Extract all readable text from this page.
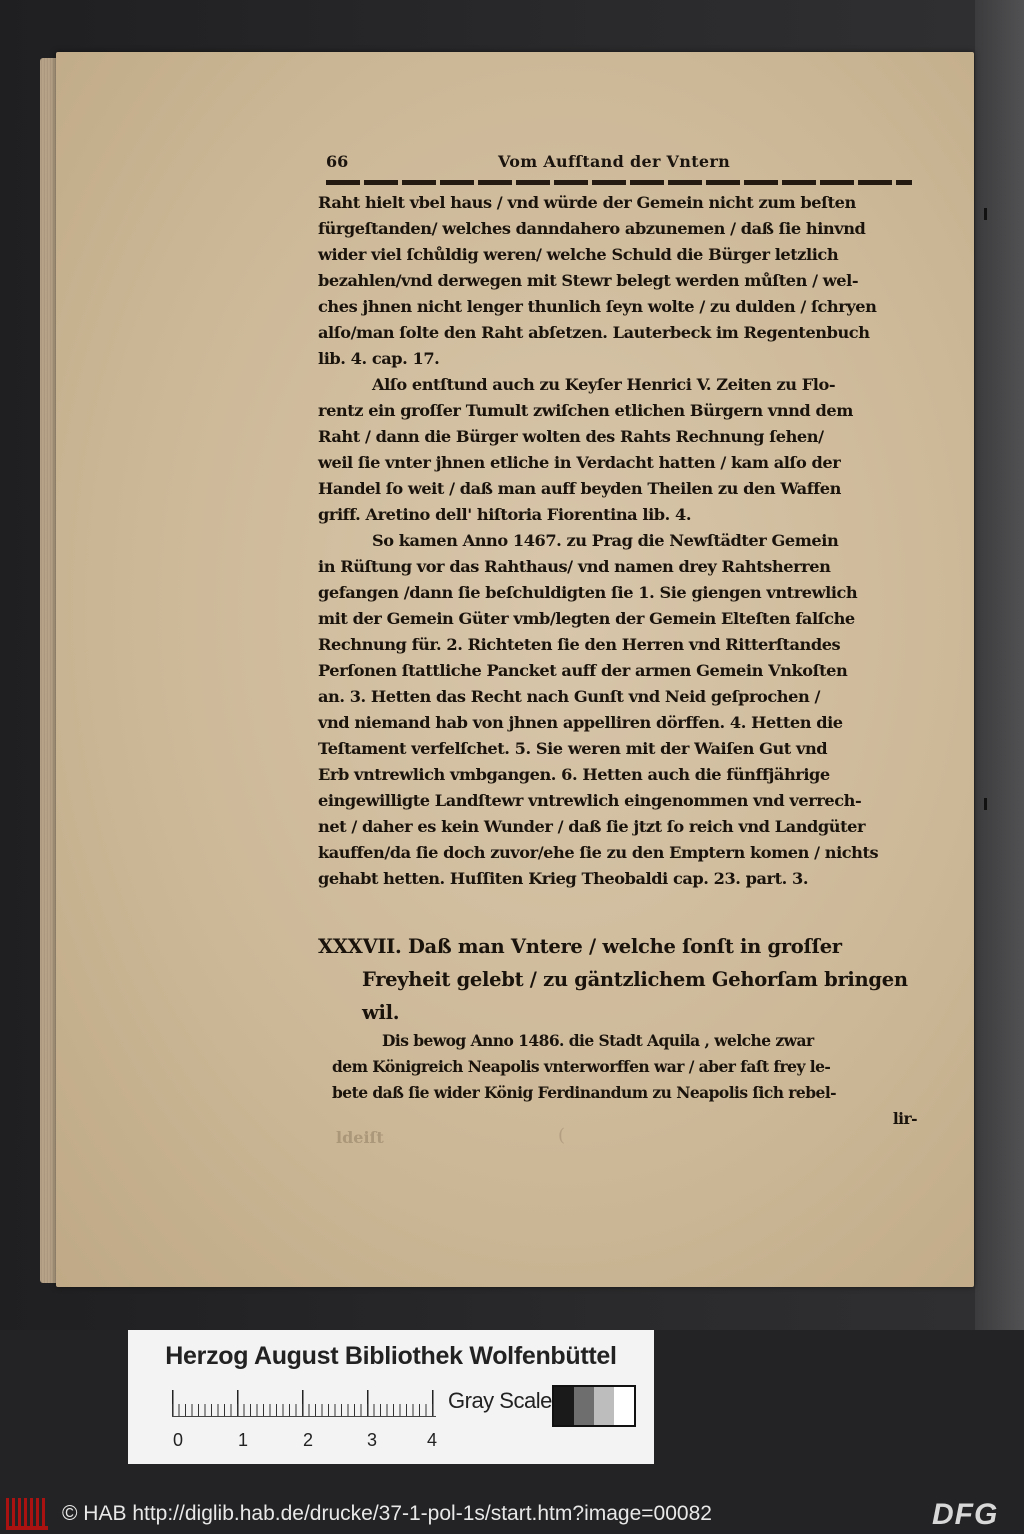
66	Vom Aufſtand der Vntern
Raht hielt vbel haus / vnd würde der Gemein nicht zum beſten
fürgeſtanden/ welches danndahero abzunemen / daß ſie hinvnd
wider viel ſchůldig weren/ welche Schuld die Bürger letzlich
bezahlen/vnd derwegen mit Stewr belegt werden můſten / wel-
ches jhnen nicht lenger thunlich ſeyn wolte / zu dulden / ſchryen
alſo/man ſolte den Raht abſetzen. Lauterbeck im Regentenbuch
lib. 4. cap. 17.
Alſo entſtund auch zu Keyſer Henrici V. Zeiten zu Flo-
rentz ein groſſer Tumult zwiſchen etlichen Bürgern vnnd dem
Raht / dann die Bürger wolten des Rahts Rechnung ſehen/
weil ſie vnter jhnen etliche in Verdacht hatten / kam alſo der
Handel ſo weit / daß man auff beyden Theilen zu den Waffen
griff. Aretino dell' hiſtoria Fiorentina lib. 4.
So kamen Anno 1467. zu Prag die Newſtädter Gemein
in Rüſtung vor das Rahthaus/ vnd namen drey Rahtsherren
gefangen /dann ſie beſchuldigten ſie 1. Sie giengen vntrewlich
mit der Gemein Güter vmb/legten der Gemein Elteſten falſche
Rechnung für. 2. Richteten ſie den Herren vnd Ritterſtandes
Perſonen ſtattliche Pancket auff der armen Gemein Vnkoſten
an. 3. Hetten das Recht nach Gunſt vnd Neid geſprochen /
vnd niemand hab von jhnen appelliren dörffen. 4. Hetten die
Teſtament verfelſchet. 5. Sie weren mit der Waiſen Gut vnd
Erb vntrewlich vmbgangen. 6. Hetten auch die fünffjährige
eingewilligte Landſtewr vntrewlich eingenommen vnd verrech-
net / daher es kein Wunder / daß ſie jtzt ſo reich vnd Landgüter
kauffen/da ſie doch zuvor/ehe ſie zu den Emptern komen / nichts
gehabt hetten. Huſſiten Krieg Theobaldi cap. 23. part. 3.
XXXVII. Daß man Vntere / welche ſonſt in groſſer
Freyheit gelebt / zu gäntzlichem Gehorſam bringen
wil.
Dis bewog Anno 1486. die Stadt Aquila , welche zwar
dem Königreich Neapolis vnterworffen war / aber faſt frey le-
bete daß ſie wider König Ferdinandum zu Neapolis ſich rebel-
lir-
ldeiſt	(
Herzog August Bibliothek Wolfenbüttel
0	1	2	3	4
Gray Scale
© HAB http://diglib.hab.de/drucke/37-1-pol-1s/start.htm?image=00082	DFG
